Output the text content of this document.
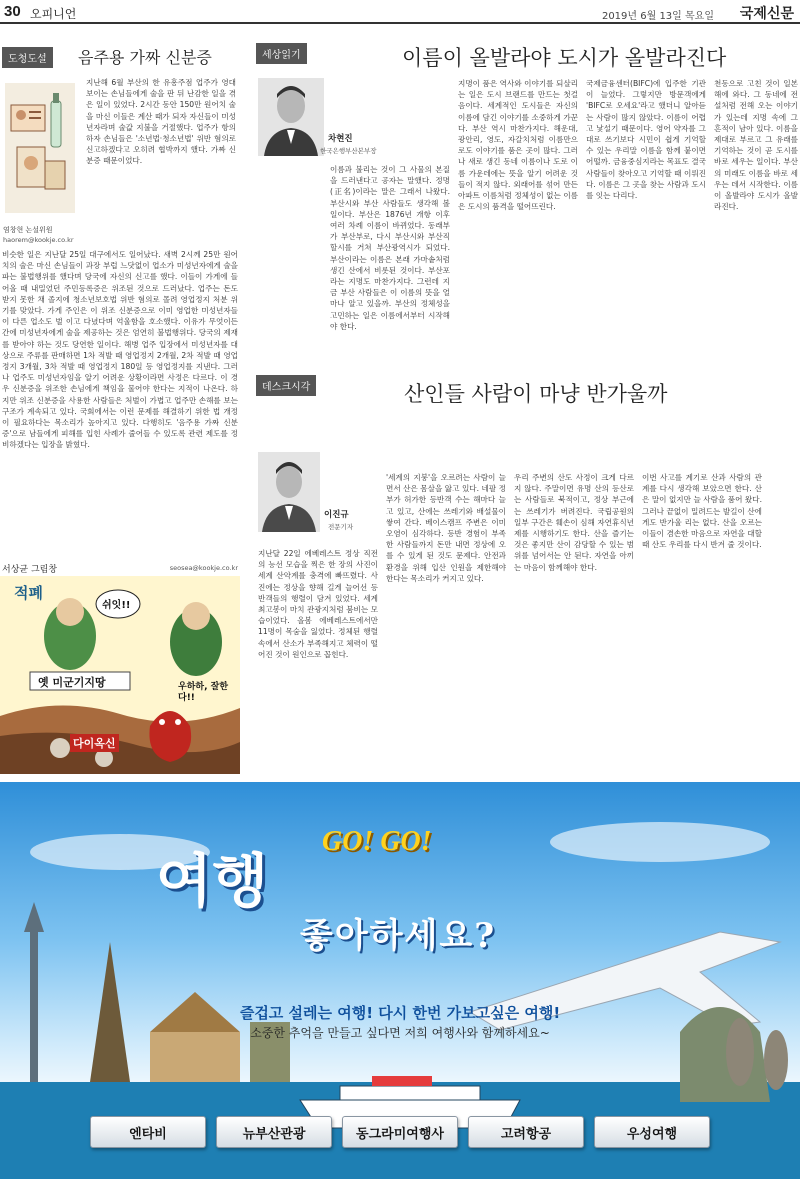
30 오피니언	2019년 6월 13일 목요일 국제신문
도청도설	음주용 가짜 신분증
염창현 논설위원
haorem@kookje.co.kr
지난해 6월 부산의 한 유흥주점 업주가 영대보이는 손님들에게 술을 판 뒤 난감한 일을 겪은 일이 있었다. 2시간 동안 150만 원어치 술을 마신 이들은 계산 때가 되자 자신들이 미성년자라며 술값 지불을 거절했다. 업주가 항의하자 손님들은 '소년법·청소년법' 위반 혐의로 신고하겠다고 오히려 협박까지 했다. 가짜 신분증 때문이었다.
비슷한 일은 지난달 25일 대구에서도 일어났다. 새벽 2시께 25만 원어치의 술은 마신 손님들이 과장 부럽 느닷없이 업소가 미성년자에게 술을 파는 불법행위를 했다며 당국에 자신의 신고를 했다. 이들이 가게에 들어올 때 내밀었던 주민등록증은 위조된 것으로 드러났다. 업주는 돈도 받지 못한 채 졸지에 청소년보호법 위반 혐의로 몰려 영업정지 처분 위기를 맞았다. 가게 주인은 이 위조 신분증으로 이미 영업한 미성년자들이 다른 업소도 벌 이고 다녔다며 억울함을 호소했다. 이유가 무엇이든 간에 미성년자에게 술을 제공하는 것은 엄연히 불법행위다. 당국의 제재를 받아야 하는 것도 당연한 일이다. 해병 업주 입장에서 미성년자를 대상으로 주류를 판매하면 1차 적발 때 영업정지 2개월, 2차 적발 때 영업정지 3개월, 3차 적발 때 영업정지 180일 등 영업정지를 지낸다. 그러나 업주도 미성년자임을 알기 어려운 상황이라면 사정은 다르다. 이 경우 신분증을 위조한 손님에게 책임을 물어야 한다는 지적이 나온다. 하지만 위조 신분증을 사용한 사람들은 처벌이 가볍고 업주만 손해를 보는 구조가 계속되고 있다. 국회에서는 이런 문제를 해결하기 위한 법 개정이 필요하다는 목소리가 높아지고 있다. 다행히도 '음주용 가짜 신분증'으로 남들에게 피해를 입힌 사례가 줄어들 수 있도록 관련 제도를 정비하겠다는 입장을 밝혔다.
세상읽기	이름이 올발라야 도시가 올발라진다
차현진
한국은행부산본부장
이름과 불리는 것이 그 사물의 본질을 드러낸다고 공자는 말했다. 정명(正名)이라는 말은 그래서 나왔다. 부산시와 부산 사람들도 생각해 볼 일이다. 부산은 1876년 개항 이후 여러 차례 이름이 바뀌었다. 동래부가 부산부로, 다시 부산시와 부산직할시를 거쳐 부산광역시가 되었다. 부산이라는 이름은 본래 가마솥처럼 생긴 산에서 비롯된 것이다. 부산포라는 지명도 마찬가지다. 그런데 지금 부산 사람들은 이 이름의 뜻을 얼마나 알고 있을까. 부산의 정체성을 고민하는 일은 이름에서부터 시작해야 한다.
지명이 품은 역사와 이야기를 되살리는 일은 도시 브랜드를 만드는 첫걸음이다. 세계적인 도시들은 자신의 이름에 담긴 이야기를 소중하게 가꾼다. 부산 역시 마찬가지다. 해운대, 광안리, 영도, 자갈치처럼 이름만으로도 이야기를 품은 곳이 많다. 그러나 새로 생긴 동네 이름이나 도로 이름 가운데에는 뜻을 알기 어려운 것들이 적지 않다. 외래어를 섞어 만든 아파트 이름처럼 정체성이 없는 이름은 도시의 품격을 떨어뜨린다.
국제금융센터(BIFC)에 입주한 기관이 늘었다. 그렇지만 방문객에게 'BIFC로 오세요'라고 했더니 알아듣는 사람이 많지 않았다. 이름이 어렵고 낯설기 때문이다. 영어 약자를 그대로 쓰기보다 시민이 쉽게 기억할 수 있는 우리말 이름을 함께 붙이면 어떨까. 금융중심지라는 목표도 결국 사람들이 찾아오고 기억할 때 이뤄진다. 이름은 그 곳을 찾는 사람과 도시를 잇는 다리다.
천동으로 고친 것이 일본 해에 와다. 그 동네에 전설처럼 전해 오는 이야기가 있는데 지명 속에 그 흔적이 남아 있다. 이름을 제대로 부르고 그 유래를 기억하는 것이 곧 도시를 바로 세우는 일이다. 부산의 미래도 이름을 바로 세우는 데서 시작한다. 이름이 올발라야 도시가 올발라진다.
데스크시각	산인들 사람이 마냥 반가울까
이진규
전문기자
지난달 22일 에베레스트 정상 직전의 능선 모습을 찍은 한 장의 사진이 세계 산악계를 충격에 빠뜨렸다. 사진에는 정상을 향해 길게 늘어선 등반객들의 행렬이 담겨 있었다. 세계 최고봉이 마치 관광지처럼 붐비는 모습이었다. 올봄 에베레스트에서만 11명이 목숨을 잃었다. 정체된 행렬 속에서 산소가 부족해지고 체력이 떨어진 것이 원인으로 꼽힌다.
'세계의 지붕'을 오르려는 사람이 늘면서 산은 몸살을 앓고 있다. 네팔 정부가 허가한 등반객 수는 해마다 늘고 있고, 산에는 쓰레기와 배설물이 쌓여 간다. 베이스캠프 주변은 이미 오염이 심각하다. 등반 경험이 부족한 사람들까지 돈만 내면 정상에 오를 수 있게 된 것도 문제다. 안전과 환경을 위해 입산 인원을 제한해야 한다는 목소리가 커지고 있다.
우리 주변의 산도 사정이 크게 다르지 않다. 주말이면 유명 산의 등산로는 사람들로 북적이고, 정상 부근에는 쓰레기가 버려진다. 국립공원의 일부 구간은 훼손이 심해 자연휴식년제를 시행하기도 한다. 산을 즐기는 것은 좋지만 산이 감당할 수 있는 범위를 넘어서는 안 된다. 자연을 아끼는 마음이 함께해야 한다.
이번 사고를 계기로 산과 사람의 관계를 다시 생각해 보았으면 한다. 산은 말이 없지만 늘 사람을 품어 왔다. 그러나 끝없이 밀려드는 발길이 산에게도 반가울 리는 없다. 산을 오르는 이들이 겸손한 마음으로 자연을 대할 때 산도 우리를 다시 반겨 줄 것이다.
서상균 그림창	seosea@kookje.co.kr
적폐
쉬잇!!
옛 미군기지땅	우하하, 잘한다!!
다이옥신
여행
GO! GO!
좋아하세요?
즐겁고 설레는 여행! 다시 한번 가보고싶은 여행!
소중한 추억을 만들고 싶다면 저희 여행사와 함께하세요~
엔타비	뉴부산관광	동그라미여행사	고려항공	우성여행
